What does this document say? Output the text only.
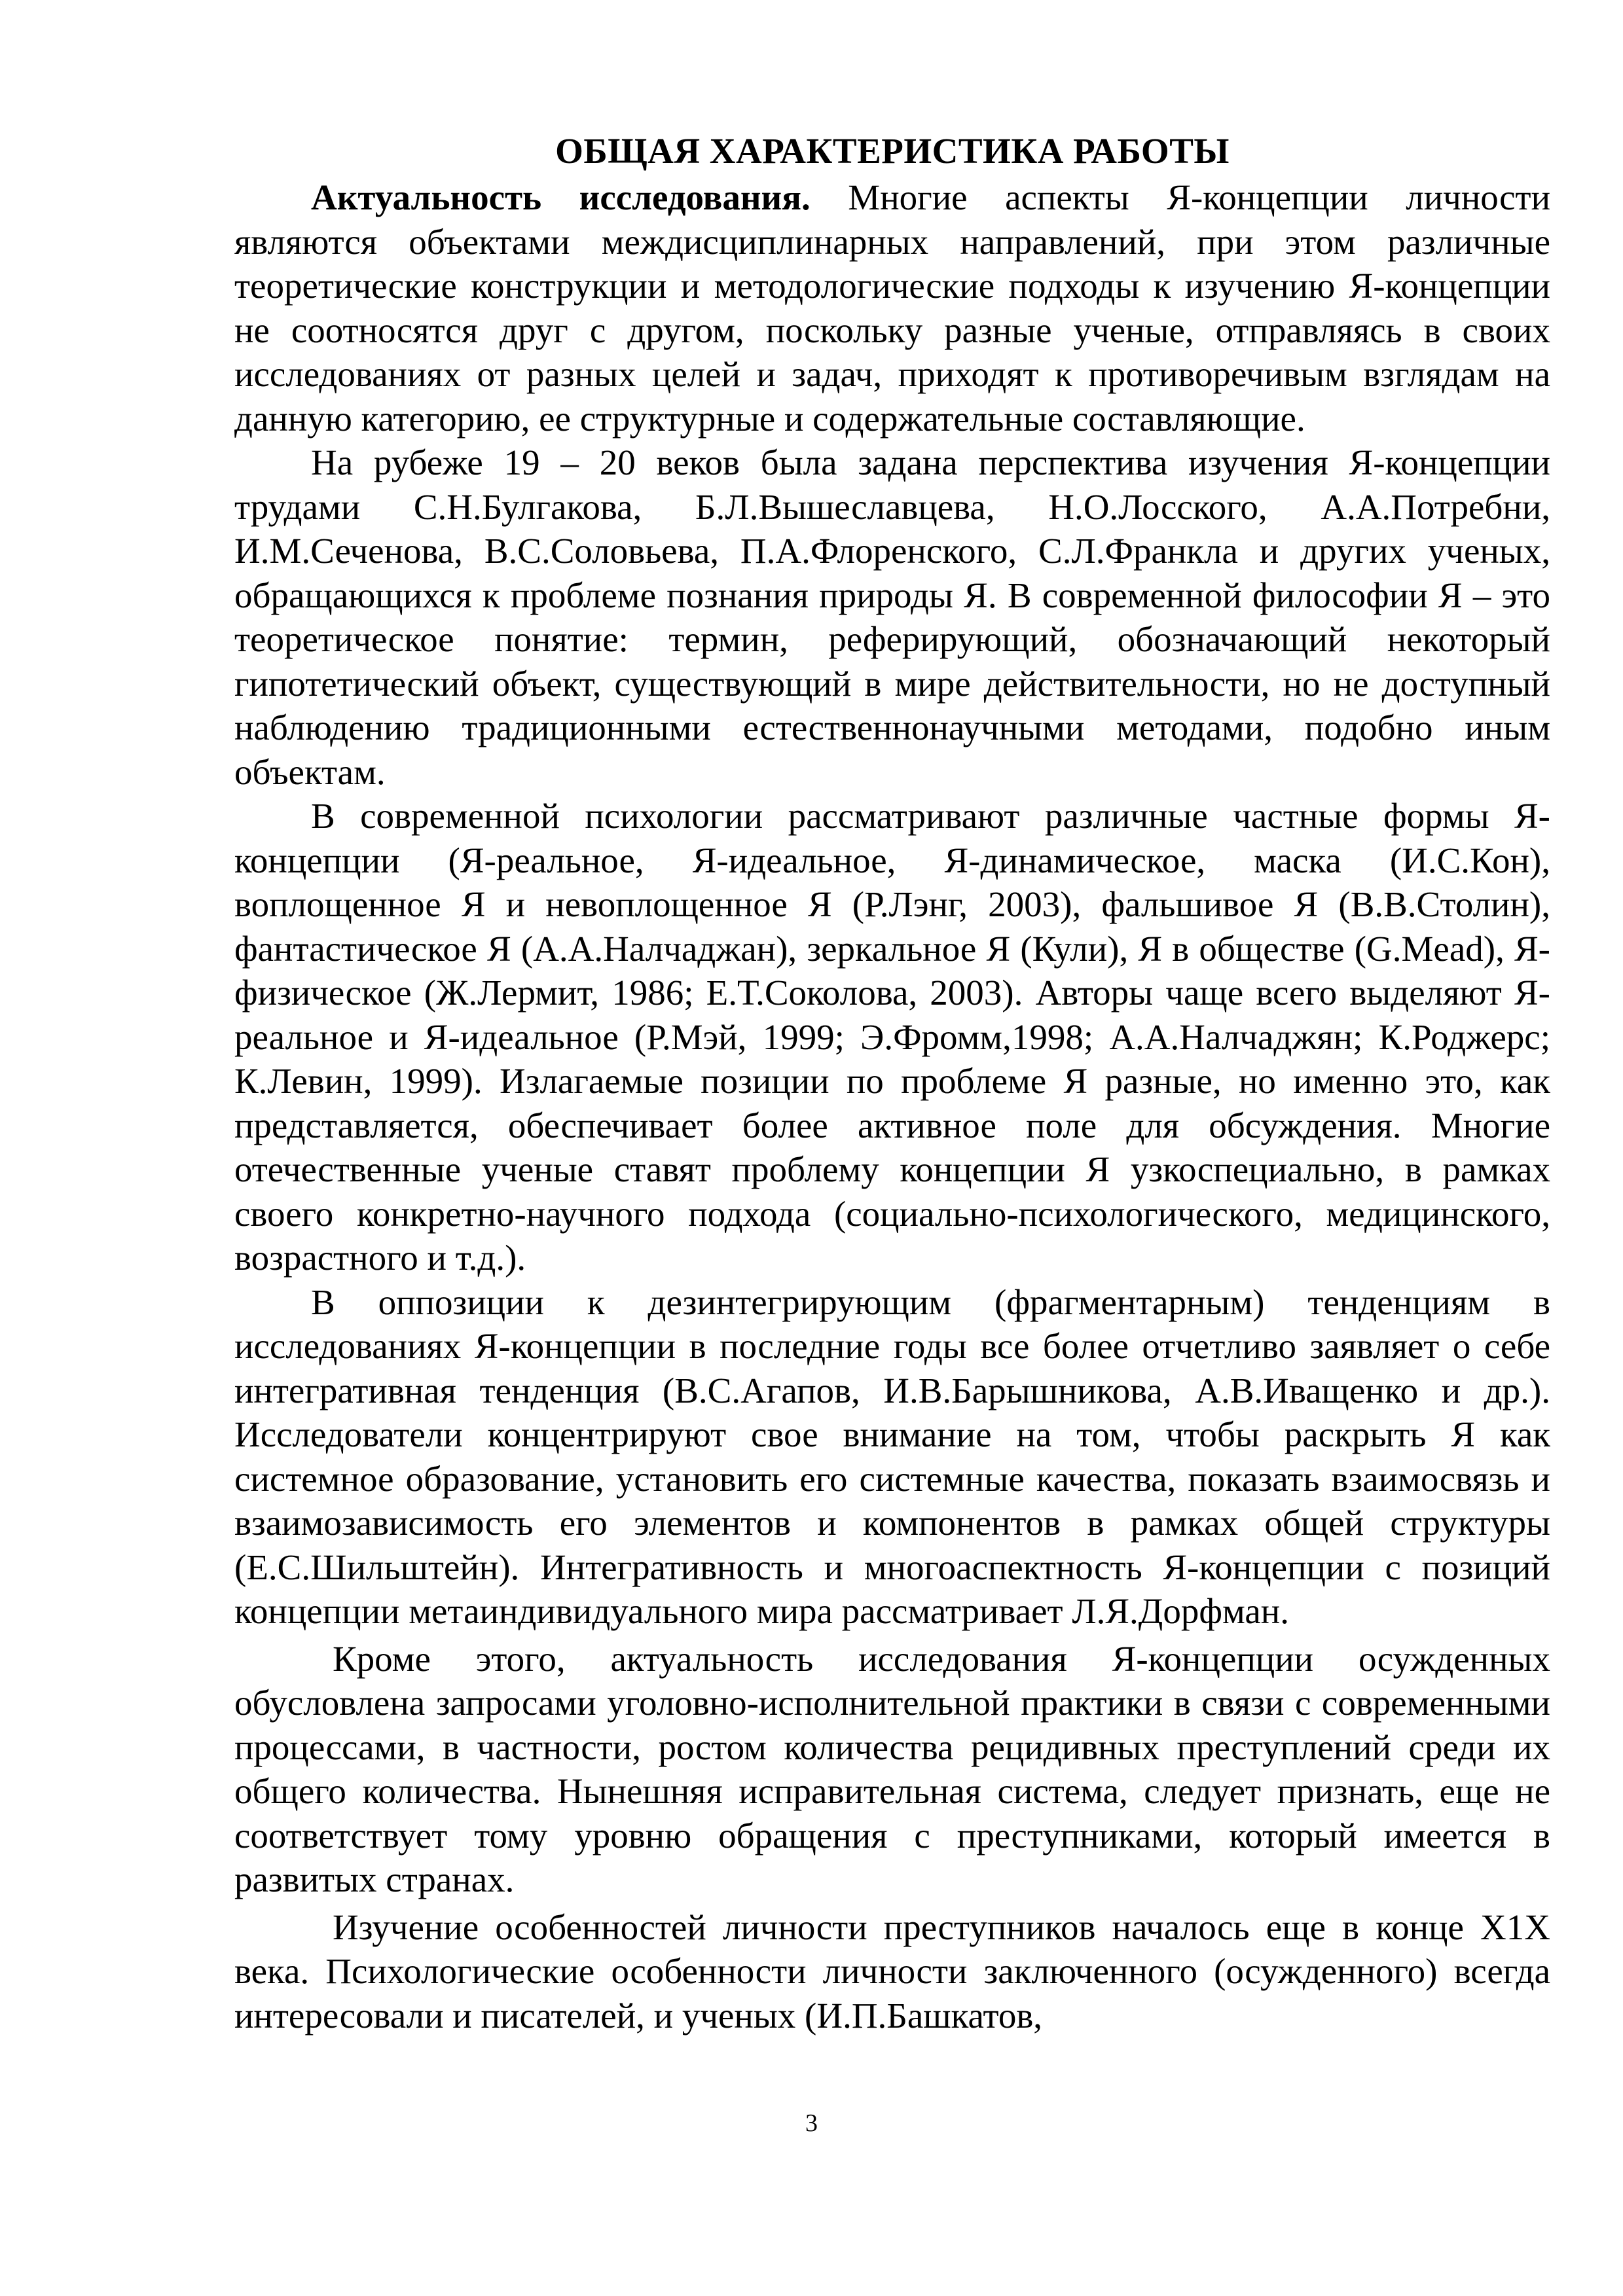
ОБЩАЯ ХАРАКТЕРИСТИКА РАБОТЫ

Актуальность исследования. Многие аспекты Я-концепции личности являются объектами междисциплинарных направлений, при этом различные теоретические конструкции и методологические подходы к изучению Я-концепции не соотносятся друг с другом, поскольку разные ученые, отправляясь в своих исследованиях от разных целей и задач, приходят к противоречивым взглядам на данную категорию, ее структурные и содержательные составляющие.

На рубеже 19 – 20 веков была задана перспектива изучения Я-концепции трудами С.Н.Булгакова, Б.Л.Вышеславцева, Н.О.Лосского, А.А.Потребни, И.М.Сеченова, В.С.Соловьева, П.А.Флоренского, С.Л.Франкла и других ученых, обращающихся к проблеме познания природы Я. В современной философии Я – это теоретическое понятие: термин, реферирующий, обозначающий некоторый гипотетический объект, существующий в мире действительности, но не доступный наблюдению традиционными естественнонаучными методами, подобно иным объектам.

В современной психологии рассматривают различные частные формы Я-концепции (Я-реальное, Я-идеальное, Я-динамическое, маска (И.С.Кон), воплощенное Я и невоплощенное Я (Р.Лэнг, 2003), фальшивое Я (В.В.Столин), фантастическое Я (А.А.Налчаджан), зеркальное Я (Кули), Я в обществе (G.Mead), Я-физическое (Ж.Лермит, 1986; Е.Т.Соколова, 2003). Авторы чаще всего выделяют Я-реальное и Я-идеальное (Р.Мэй, 1999; Э.Фромм,1998; А.А.Налчаджян; К.Роджерс; К.Левин, 1999). Излагаемые позиции по проблеме Я разные, но именно это, как представляется, обеспечивает более активное поле для обсуждения. Многие отечественные ученые ставят проблему концепции Я узкоспециально, в рамках своего конкретно-научного подхода (социально-психологического, медицинского, возрастного и т.д.).

В оппозиции к дезинтегрирующим (фрагментарным) тенденциям в исследованиях Я-концепции в последние годы все более отчетливо заявляет о себе интегративная тенденция (В.С.Агапов, И.В.Барышникова, А.В.Иващенко и др.). Исследователи концентрируют свое внимание на том, чтобы раскрыть Я как системное образование, установить его системные качества, показать взаимосвязь и взаимозависимость его элементов и компонентов в рамках общей структуры (Е.С.Шильштейн). Интегративность и многоаспектность Я-концепции с позиций концепции метаиндивидуального мира рассматривает Л.Я.Дорфман.

Кроме этого, актуальность исследования Я-концепции осужденных обусловлена запросами уголовно-исполнительной практики в связи с современными процессами, в частности, ростом количества рецидивных преступлений среди их общего количества. Нынешняя исправительная система, следует признать, еще не соответствует тому уровню обращения с преступниками, который имеется в развитых странах.

Изучение особенностей личности преступников началось еще в конце Х1Х века. Психологические особенности личности заключенного (осужденного) всегда интересовали и писателей, и ученых (И.П.Башкатов,

3
